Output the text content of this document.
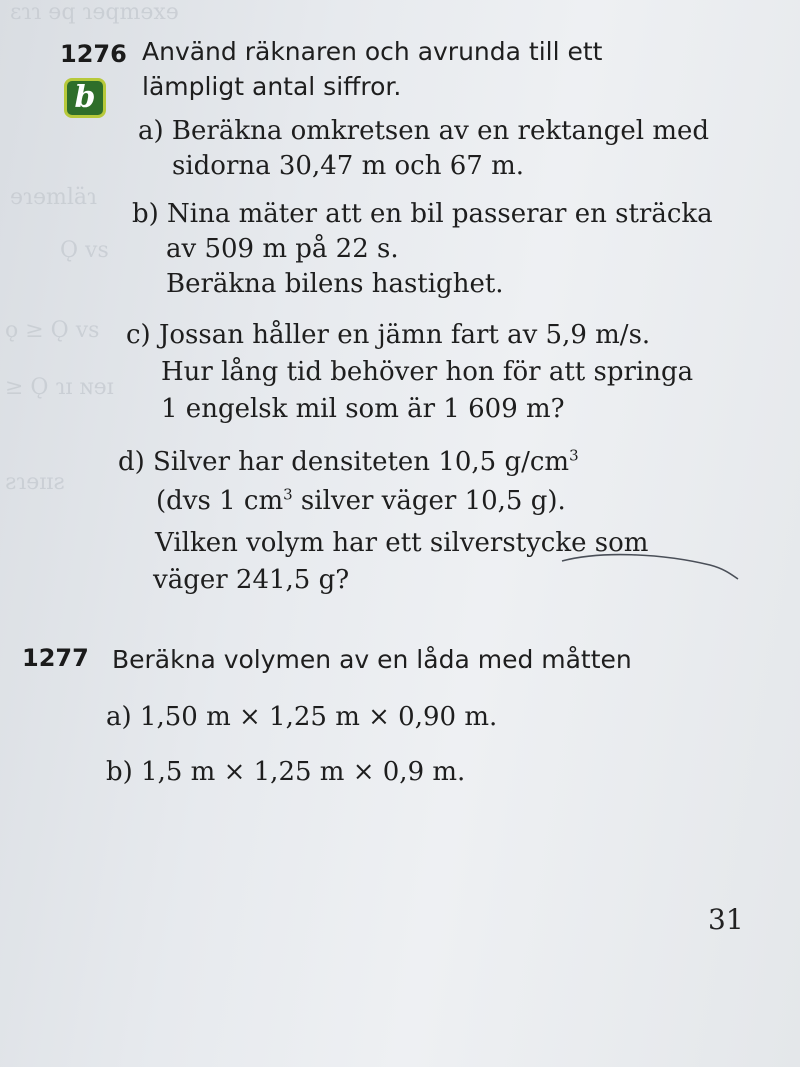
ɛɿɿ ɘq ɿɘqmɘxɘ
ɘɿɘmläɿ
Ǫ vs
ǫ ≥ Ǫ vs
≥ Ǫ ɿɪ ɴɘɪ
ƨɿɘɪɪƨ
1276 Använd räknaren och avrunda till ett
b	lämpligt antal siffror.
a) Beräkna omkretsen av en rektangel med
sidorna 30,47 m och 67 m.
b) Nina mäter att en bil passerar en sträcka
av 509 m på 22 s.
Beräkna bilens hastighet.
c) Jossan håller en jämn fart av 5,9 m/s.
Hur lång tid behöver hon för att springa
1 engelsk mil som är 1 609 m?
d) Silver har densiteten 10,5 $g/cm^3$
(dvs 1 $cm^3$ silver väger 10,5 g).
Vilken volym har ett silverstycke som
väger 241,5 g?
1277 Beräkna volymen av en låda med måtten
a) 1,50 m × 1,25 m × 0,90 m.
b) 1,5 m × 1,25 m × 0,9 m.
31
